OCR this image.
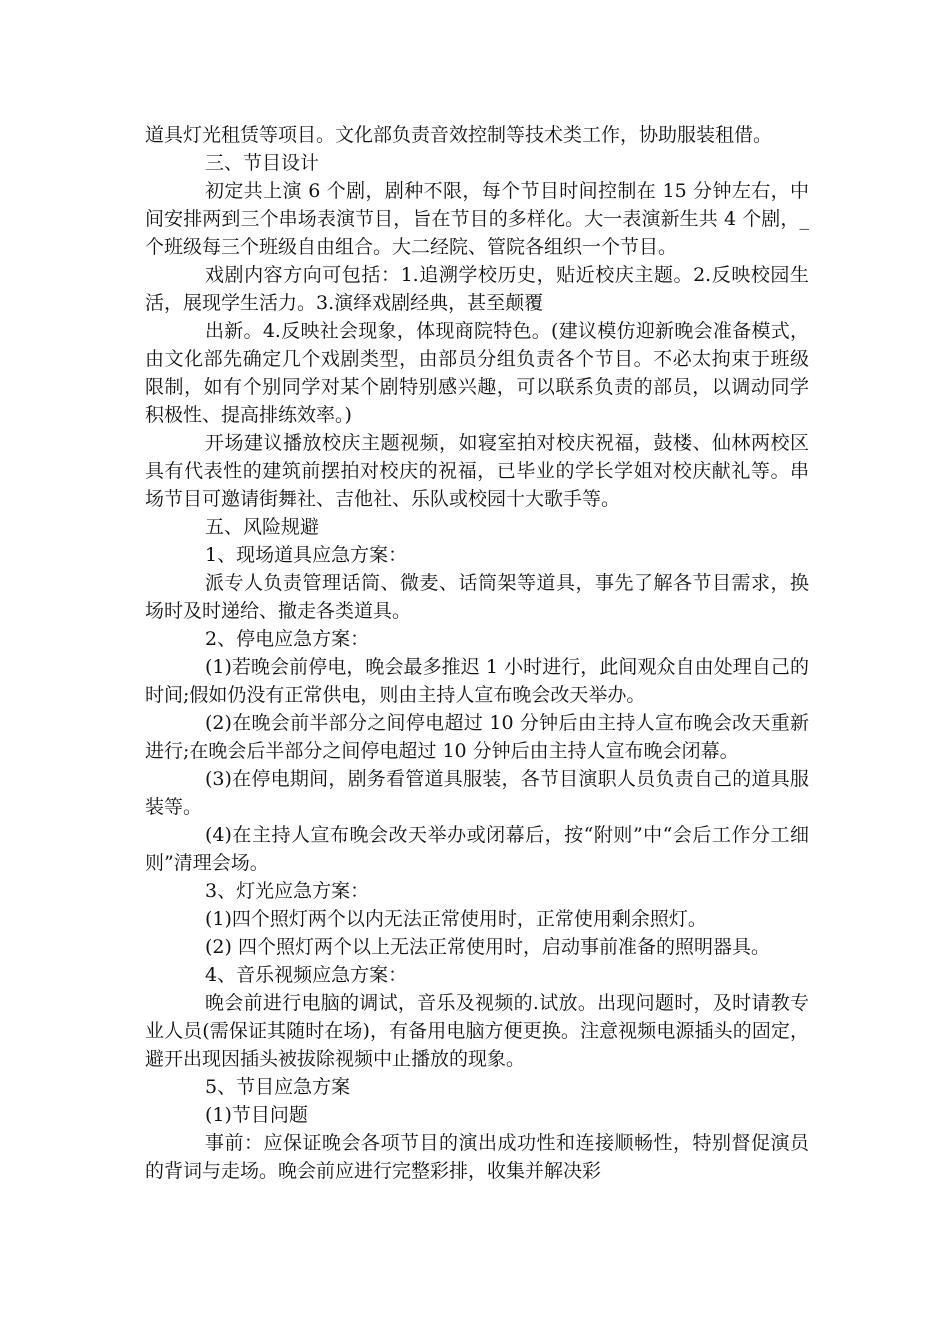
道具灯光租赁等项目。文化部负责音效控制等技术类工作，协助服装租借。

三、节目设计

初定共上演 6 个剧，剧种不限，每个节目时间控制在 15 分钟左右，中间安排两到三个串场表演节目，旨在节目的多样化。大一表演新生共 4 个剧，_个班级每三个班级自由组合。大二经院、管院各组织一个节目。

戏剧内容方向可包括：1.追溯学校历史，贴近校庆主题。2.反映校园生活，展现学生活力。3.演绎戏剧经典，甚至颠覆

出新。4.反映社会现象，体现商院特色。(建议模仿迎新晚会准备模式，由文化部先确定几个戏剧类型，由部员分组负责各个节目。不必太拘束于班级限制，如有个别同学对某个剧特别感兴趣，可以联系负责的部员，以调动同学积极性、提高排练效率。)

开场建议播放校庆主题视频，如寝室拍对校庆祝福，鼓楼、仙林两校区具有代表性的建筑前摆拍对校庆的祝福，已毕业的学长学姐对校庆献礼等。串场节目可邀请街舞社、吉他社、乐队或校园十大歌手等。

五、风险规避

1、现场道具应急方案：

派专人负责管理话筒、微麦、话筒架等道具，事先了解各节目需求，换场时及时递给、撤走各类道具。

2、停电应急方案：

(1)若晚会前停电，晚会最多推迟 1 小时进行，此间观众自由处理自己的时间;假如仍没有正常供电，则由主持人宣布晚会改天举办。

(2)在晚会前半部分之间停电超过 10 分钟后由主持人宣布晚会改天重新进行;在晚会后半部分之间停电超过 10 分钟后由主持人宣布晚会闭幕。

(3)在停电期间，剧务看管道具服装，各节目演职人员负责自己的道具服装等。

(4)在主持人宣布晚会改天举办或闭幕后，按“附则”中“会后工作分工细则”清理会场。

3、灯光应急方案：

(1)四个照灯两个以内无法正常使用时，正常使用剩余照灯。

(2) 四个照灯两个以上无法正常使用时，启动事前准备的照明器具。

4、音乐视频应急方案：

晚会前进行电脑的调试，音乐及视频的.试放。出现问题时，及时请教专业人员(需保证其随时在场)，有备用电脑方便更换。注意视频电源插头的固定，避开出现因插头被拔除视频中止播放的现象。

5、节目应急方案

(1)节目问题

事前：应保证晚会各项节目的演出成功性和连接顺畅性，特别督促演员的背词与走场。晚会前应进行完整彩排，收集并解决彩
